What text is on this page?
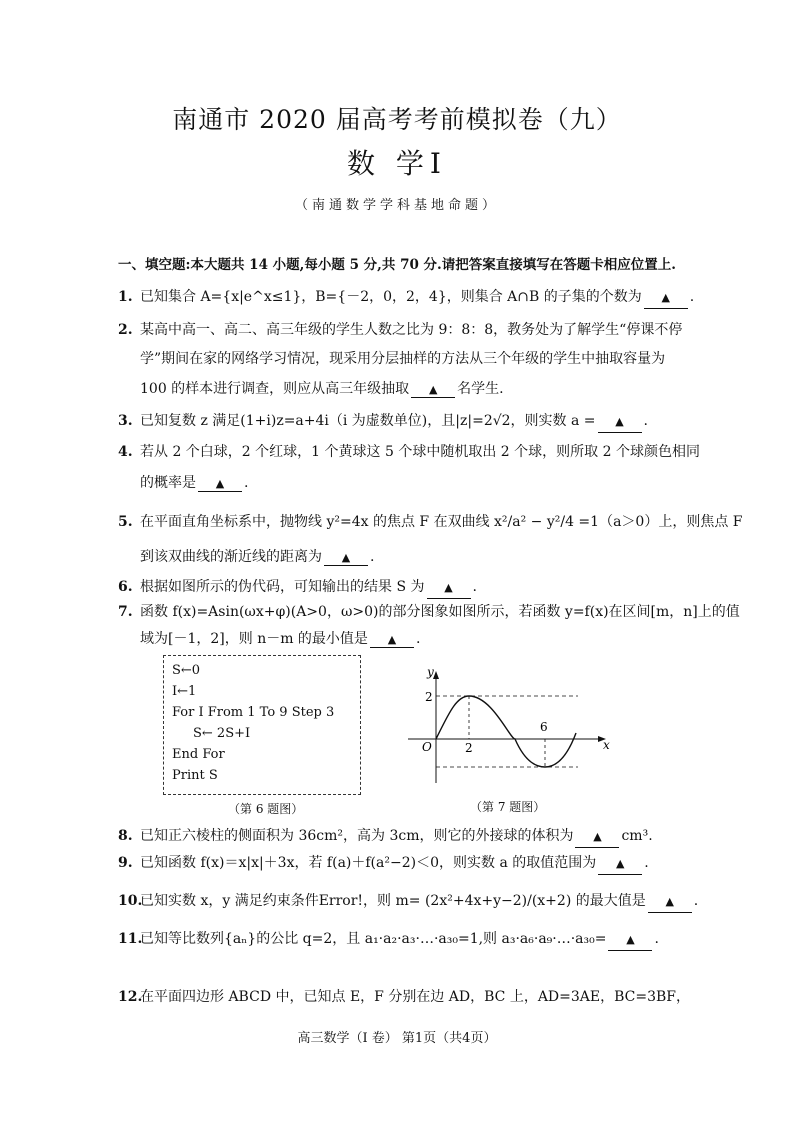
南通市 2020 届高考考前模拟卷（九）
数 学Ⅰ
（南通数学学科基地命题）
一、填空题:本大题共 14 小题,每小题 5 分,共 70 分.请把答案直接填写在答题卡相应位置上.
1. 已知集合 A={x|e^x≤1}，B={－2，0，2，4}，则集合 A∩B 的子集的个数为 ▲ .
2. 某高中高一、高二、高三年级的学生人数之比为 9：8：8，教务处为了解学生“停课不停
学”期间在家的网络学习情况，现采用分层抽样的方法从三个年级的学生中抽取容量为
100 的样本进行调查，则应从高三年级抽取 ▲ 名学生.
3. 已知复数 z 满足(1+i)z=a+4i（i 为虚数单位)，且|z|=2√2，则实数 a = ▲ .
4. 若从 2 个白球，2 个红球，1 个黄球这 5 个球中随机取出 2 个球，则所取 2 个球颜色相同
的概率是 ▲ .
5. 在平面直角坐标系中，抛物线 y²=4x 的焦点 F 在双曲线 x²/a² − y²/4 =1（a＞0）上，则焦点 F
到该双曲线的渐近线的距离为 ▲ .
6. 根据如图所示的伪代码，可知输出的结果 S 为 ▲ .
7. 函数 f(x)=Asin(ωx+φ)(A>0，ω>0)的部分图象如图所示，若函数 y=f(x)在区间[m，n]上的值
域为[－1，2]，则 n－m 的最小值是 ▲ .
S←0
I←1
For I From 1 To 9 Step 3
S← 2S+I
End For
Print S
（第 6 题图）
y
x
O
2
2
6
（第 7 题图）
8. 已知正六棱柱的侧面积为 36cm²，高为 3cm，则它的外接球的体积为 ▲ cm³.
9. 已知函数 f(x)＝x|x|＋3x，若 f(a)＋f(a²−2)＜0，则实数 a 的取值范围为 ▲ .
10.已知实数 x，y 满足约束条件Error!，则 m= (2x²+4x+y−2)/(x+2) 的最大值是 ▲ .
11.已知等比数列{aₙ}的公比 q=2，且 a₁·a₂·a₃·…·a₃₀=1,则 a₃·a₆·a₉·…·a₃₀= ▲ .
12.在平面四边形 ABCD 中，已知点 E，F 分别在边 AD，BC 上，AD=3AE，BC=3BF，
高三数学（I 卷） 第1页（共4页）
